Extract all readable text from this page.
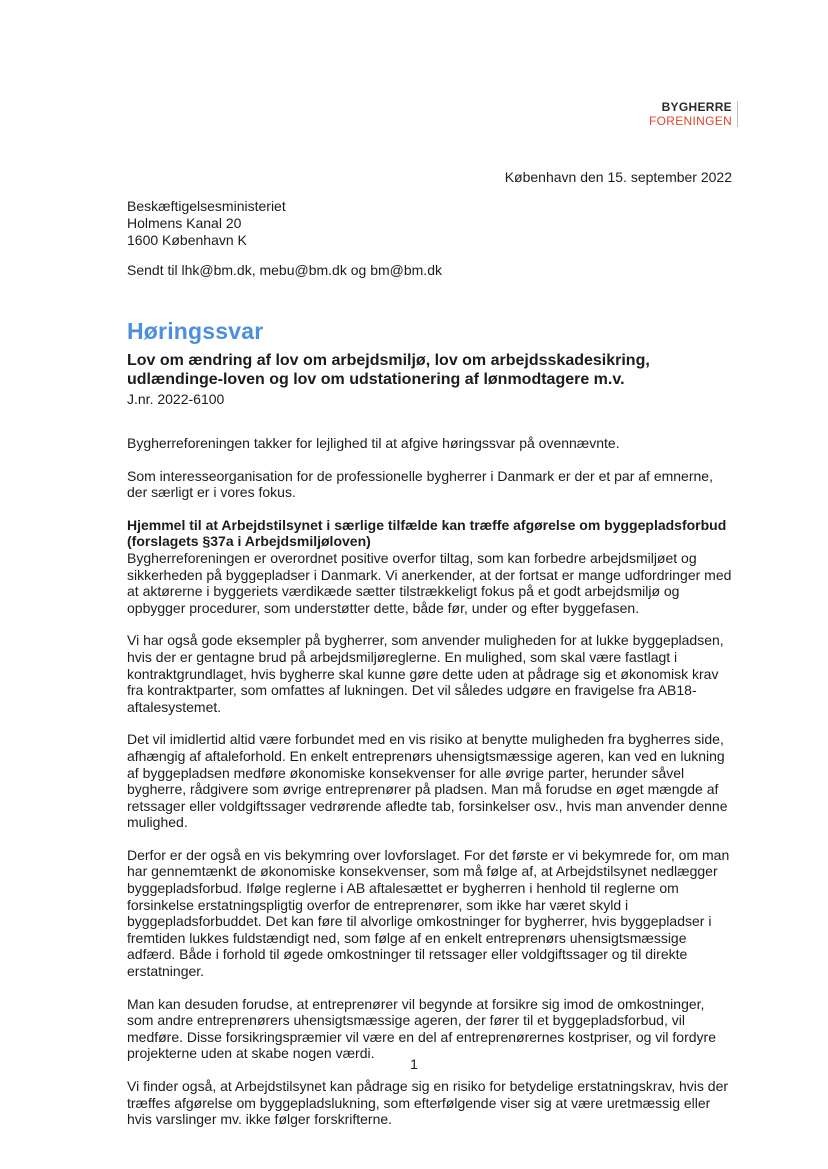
BYGHERRE
FORENINGEN
København den 15. september 2022
Beskæftigelsesministeriet
Holmens Kanal 20
1600 København K
Sendt til lhk@bm.dk, mebu@bm.dk og bm@bm.dk
Høringssvar
Lov om ændring af lov om arbejdsmiljø, lov om arbejdsskadesikring, udlændinge-loven og lov om udstationering af lønmodtagere m.v.
J.nr. 2022-6100

Bygherreforeningen takker for lejlighed til at afgive høringssvar på ovennævnte.

Som interesseorganisation for de professionelle bygherrer i Danmark er der et par af emnerne, der særligt er i vores fokus.

Hjemmel til at Arbejdstilsynet i særlige tilfælde kan træffe afgørelse om byggepladsforbud (forslagets §37a i Arbejdsmiljøloven)

Bygherreforeningen er overordnet positive overfor tiltag, som kan forbedre arbejdsmiljøet og sikkerheden på byggepladser i Danmark. Vi anerkender, at der fortsat er mange udfordringer med at aktørerne i byggeriets værdikæde sætter tilstrækkeligt fokus på et godt arbejdsmiljø og opbygger procedurer, som understøtter dette, både før, under og efter byggefasen.

Vi har også gode eksempler på bygherrer, som anvender muligheden for at lukke byggepladsen, hvis der er gentagne brud på arbejdsmiljøreglerne. En mulighed, som skal være fastlagt i kontraktgrundlaget, hvis bygherre skal kunne gøre dette uden at pådrage sig et økonomisk krav fra kontraktparter, som omfattes af lukningen. Det vil således udgøre en fravigelse fra AB18-aftalesystemet.

Det vil imidlertid altid være forbundet med en vis risiko at benytte muligheden fra bygherres side, afhængig af aftaleforhold. En enkelt entreprenørs uhensigtsmæssige ageren, kan ved en lukning af byggepladsen medføre økonomiske konsekvenser for alle øvrige parter, herunder såvel bygherre, rådgivere som øvrige entreprenører på pladsen. Man må forudse en øget mængde af retssager eller voldgiftssager vedrørende afledte tab, forsinkelser osv., hvis man anvender denne mulighed.

Derfor er der også en vis bekymring over lovforslaget. For det første er vi bekymrede for, om man har gennemtænkt de økonomiske konsekvenser, som må følge af, at Arbejdstilsynet nedlægger byggepladsforbud. Ifølge reglerne i AB aftalesættet er bygherren i henhold til reglerne om forsinkelse erstatningspligtig overfor de entreprenører, som ikke har været skyld i byggepladsforbuddet. Det kan føre til alvorlige omkostninger for bygherrer, hvis byggepladser i fremtiden lukkes fuldstændigt ned, som følge af en enkelt entreprenørs uhensigtsmæssige adfærd. Både i forhold til øgede omkostninger til retssager eller voldgiftssager og til direkte erstatninger.

Man kan desuden forudse, at entreprenører vil begynde at forsikre sig imod de omkostninger, som andre entreprenørers uhensigtsmæssige ageren, der fører til et byggepladsforbud, vil medføre. Disse forsikringspræmier vil være en del af entreprenørernes kostpriser, og vil fordyre projekterne uden at skabe nogen værdi.

Vi finder også, at Arbejdstilsynet kan pådrage sig en risiko for betydelige erstatningskrav, hvis der træffes afgørelse om byggepladslukning, som efterfølgende viser sig at være uretmæssig eller hvis varslinger mv. ikke følger forskrifterne.

1
